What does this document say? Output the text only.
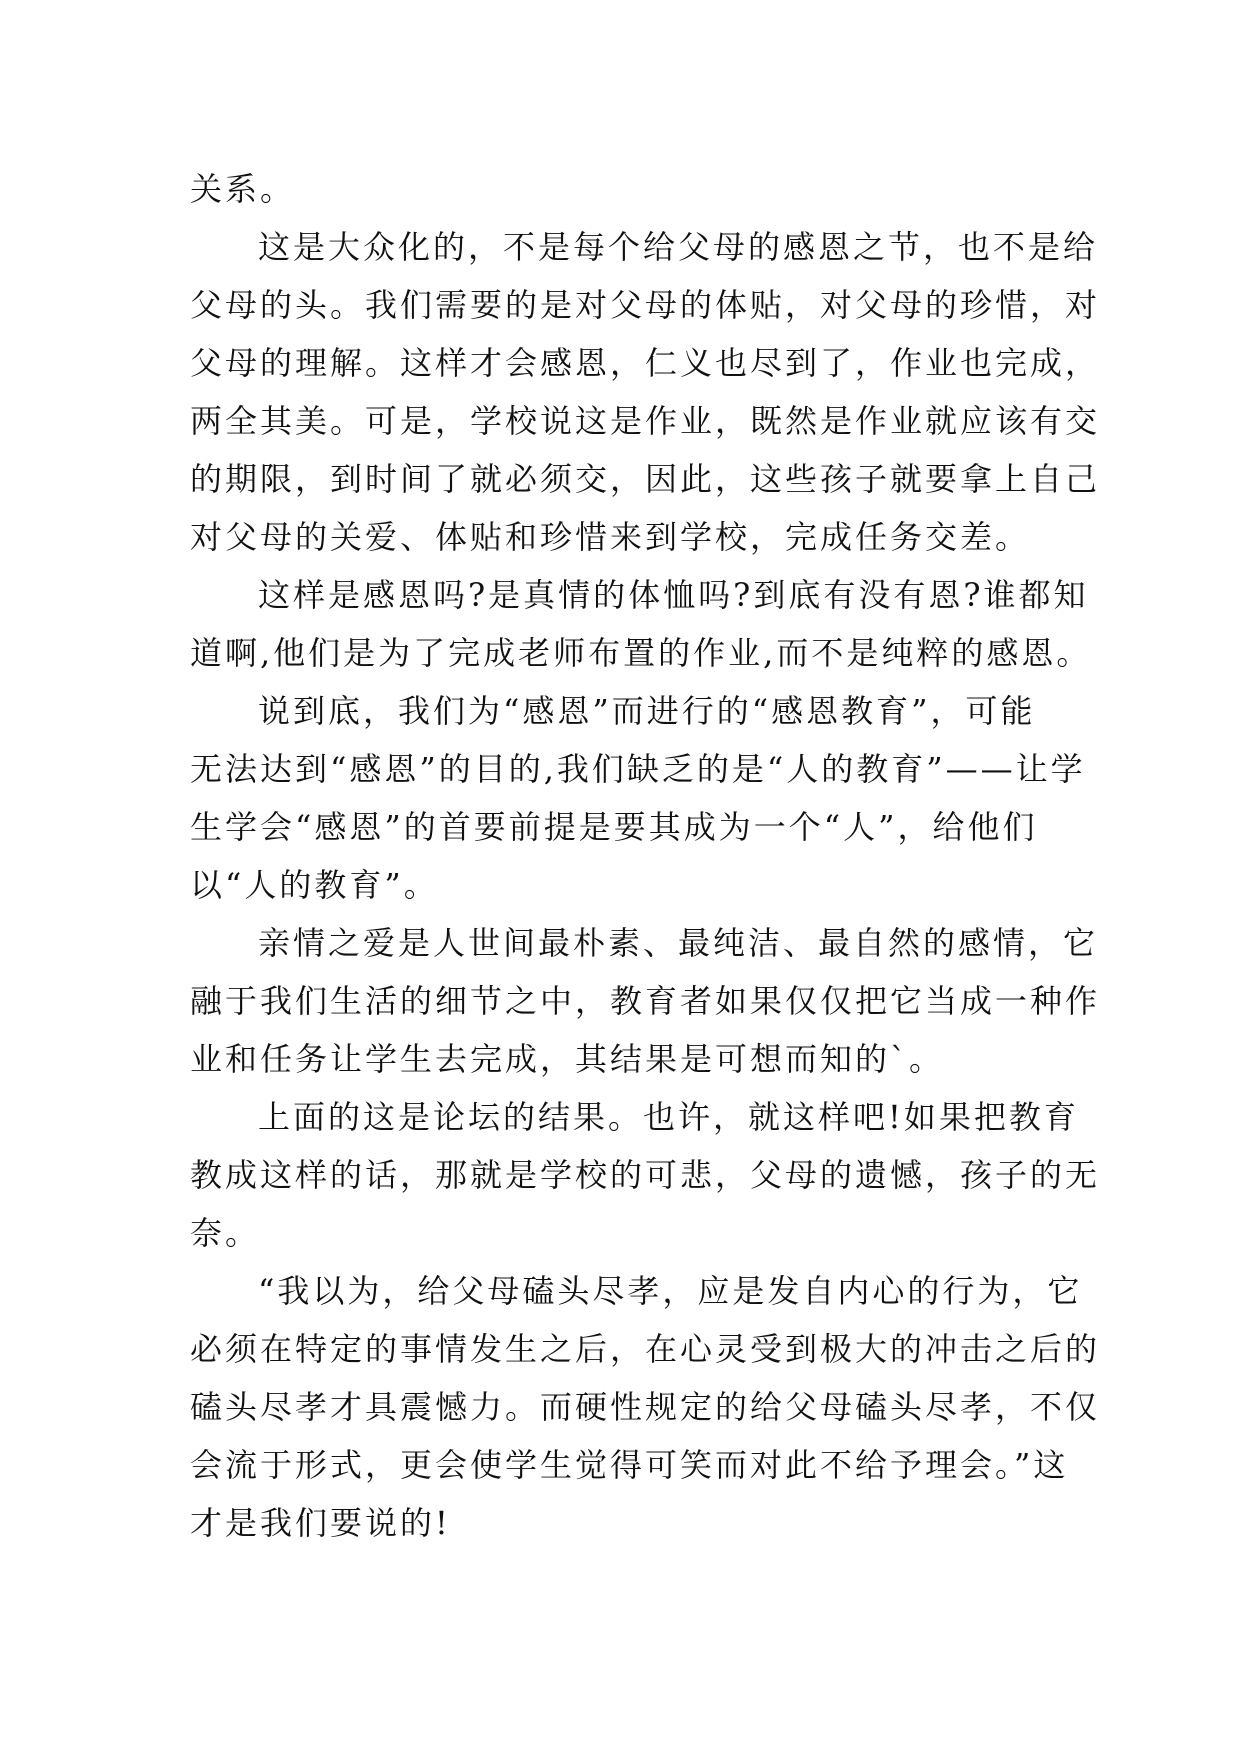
关系。
这是大众化的，不是每个给父母的感恩之节，也不是给
父母的头。我们需要的是对父母的体贴，对父母的珍惜，对
父母的理解。这样才会感恩，仁义也尽到了，作业也完成，
两全其美。可是，学校说这是作业，既然是作业就应该有交
的期限，到时间了就必须交，因此，这些孩子就要拿上自己
对父母的关爱、体贴和珍惜来到学校，完成任务交差。
这样是感恩吗?是真情的体恤吗?到底有没有恩?谁都知
道啊,他们是为了完成老师布置的作业,而不是纯粹的感恩。
说到底，我们为“感恩”而进行的“感恩教育”，可能
无法达到“感恩”的目的,我们缺乏的是“人的教育”——让学
生学会“感恩”的首要前提是要其成为一个“人”，给他们
以“人的教育”。
亲情之爱是人世间最朴素、最纯洁、最自然的感情，它
融于我们生活的细节之中，教育者如果仅仅把它当成一种作
业和任务让学生去完成，其结果是可想而知的`。
上面的这是论坛的结果。也许，就这样吧!如果把教育
教成这样的话，那就是学校的可悲，父母的遗憾，孩子的无
奈。
“我以为，给父母磕头尽孝，应是发自内心的行为，它
必须在特定的事情发生之后，在心灵受到极大的冲击之后的
磕头尽孝才具震憾力。而硬性规定的给父母磕头尽孝，不仅
会流于形式，更会使学生觉得可笑而对此不给予理会。”这
才是我们要说的!
